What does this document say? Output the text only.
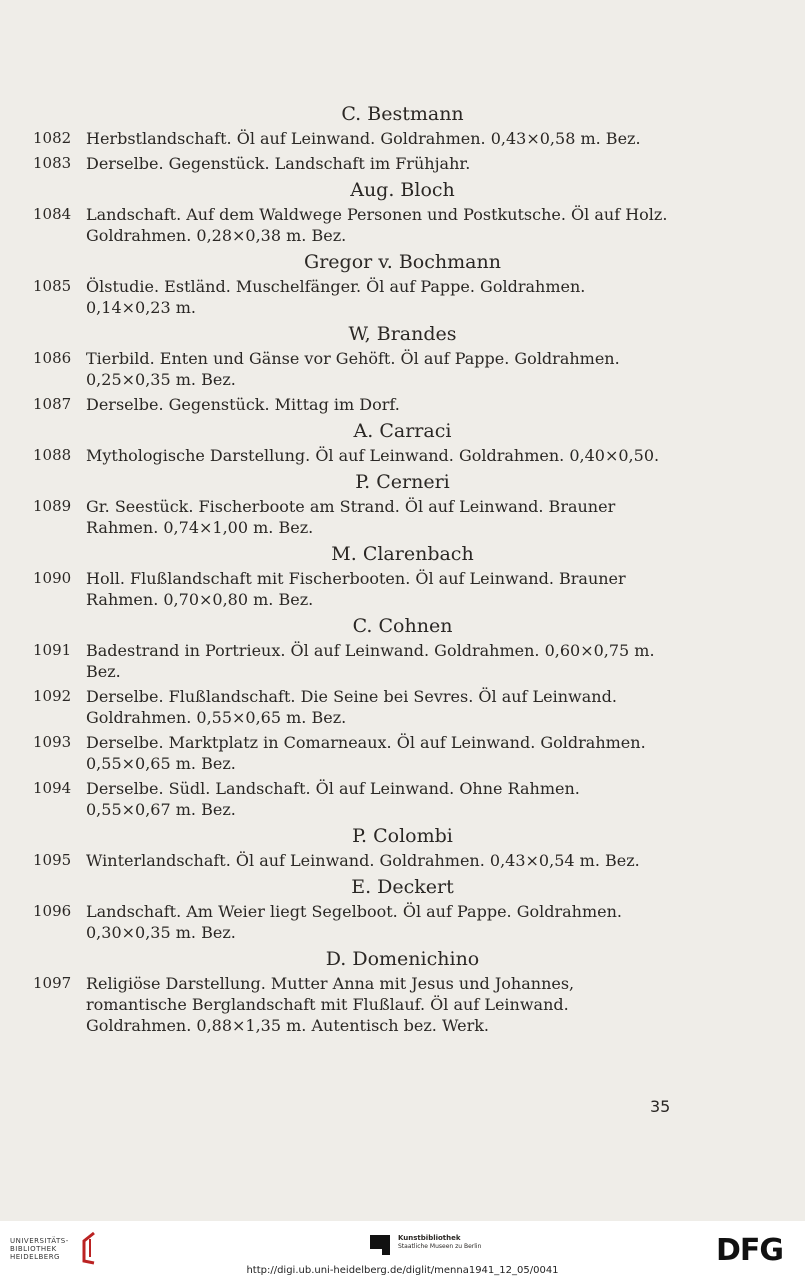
C. Bestmann
1082 Herbstlandschaft. Öl auf Leinwand. Goldrahmen. 0,43×0,58 m. Bez.
1083 Derselbe. Gegenstück. Landschaft im Frühjahr.
Aug. Bloch
1084 Landschaft. Auf dem Waldwege Personen und Postkutsche. Öl auf Holz. Goldrahmen. 0,28×0,38 m. Bez.
Gregor v. Bochmann
1085 Ölstudie. Estländ. Muschelfänger. Öl auf Pappe. Goldrahmen. 0,14×0,23 m.
W, Brandes
1086 Tierbild. Enten und Gänse vor Gehöft. Öl auf Pappe. Goldrahmen. 0,25×0,35 m. Bez.
1087 Derselbe. Gegenstück. Mittag im Dorf.
A. Carraci
1088 Mythologische Darstellung. Öl auf Leinwand. Goldrahmen. 0,40×0,50.
P. Cerneri
1089 Gr. Seestück. Fischerboote am Strand. Öl auf Leinwand. Brauner Rahmen. 0,74×1,00 m. Bez.
M. Clarenbach
1090 Holl. Flußlandschaft mit Fischerbooten. Öl auf Leinwand. Brauner Rahmen. 0,70×0,80 m. Bez.
C. Cohnen
1091 Badestrand in Portrieux. Öl auf Leinwand. Goldrahmen. 0,60×0,75 m. Bez.
1092 Derselbe. Flußlandschaft. Die Seine bei Sevres. Öl auf Leinwand. Goldrahmen. 0,55×0,65 m. Bez.
1093 Derselbe. Marktplatz in Comarneaux. Öl auf Leinwand. Goldrahmen. 0,55×0,65 m. Bez.
1094 Derselbe. Südl. Landschaft. Öl auf Leinwand. Ohne Rahmen. 0,55×0,67 m. Bez.
P. Colombi
1095 Winterlandschaft. Öl auf Leinwand. Goldrahmen. 0,43×0,54 m. Bez.
E. Deckert
1096 Landschaft. Am Weier liegt Segelboot. Öl auf Pappe. Goldrahmen. 0,30×0,35 m. Bez.
D. Domenichino
1097 Religiöse Darstellung. Mutter Anna mit Jesus und Johannes, romantische Berglandschaft mit Flußlauf. Öl auf Leinwand. Goldrahmen. 0,88×1,35 m. Autentisch bez. Werk.
35
UNIVERSITÄTS-
BIBLIOTHEK
HEIDELBERG
Kunstbibliothek
Staatliche Museen zu Berlin	DFG
http://digi.ub.uni-heidelberg.de/diglit/menna1941_12_05/0041
